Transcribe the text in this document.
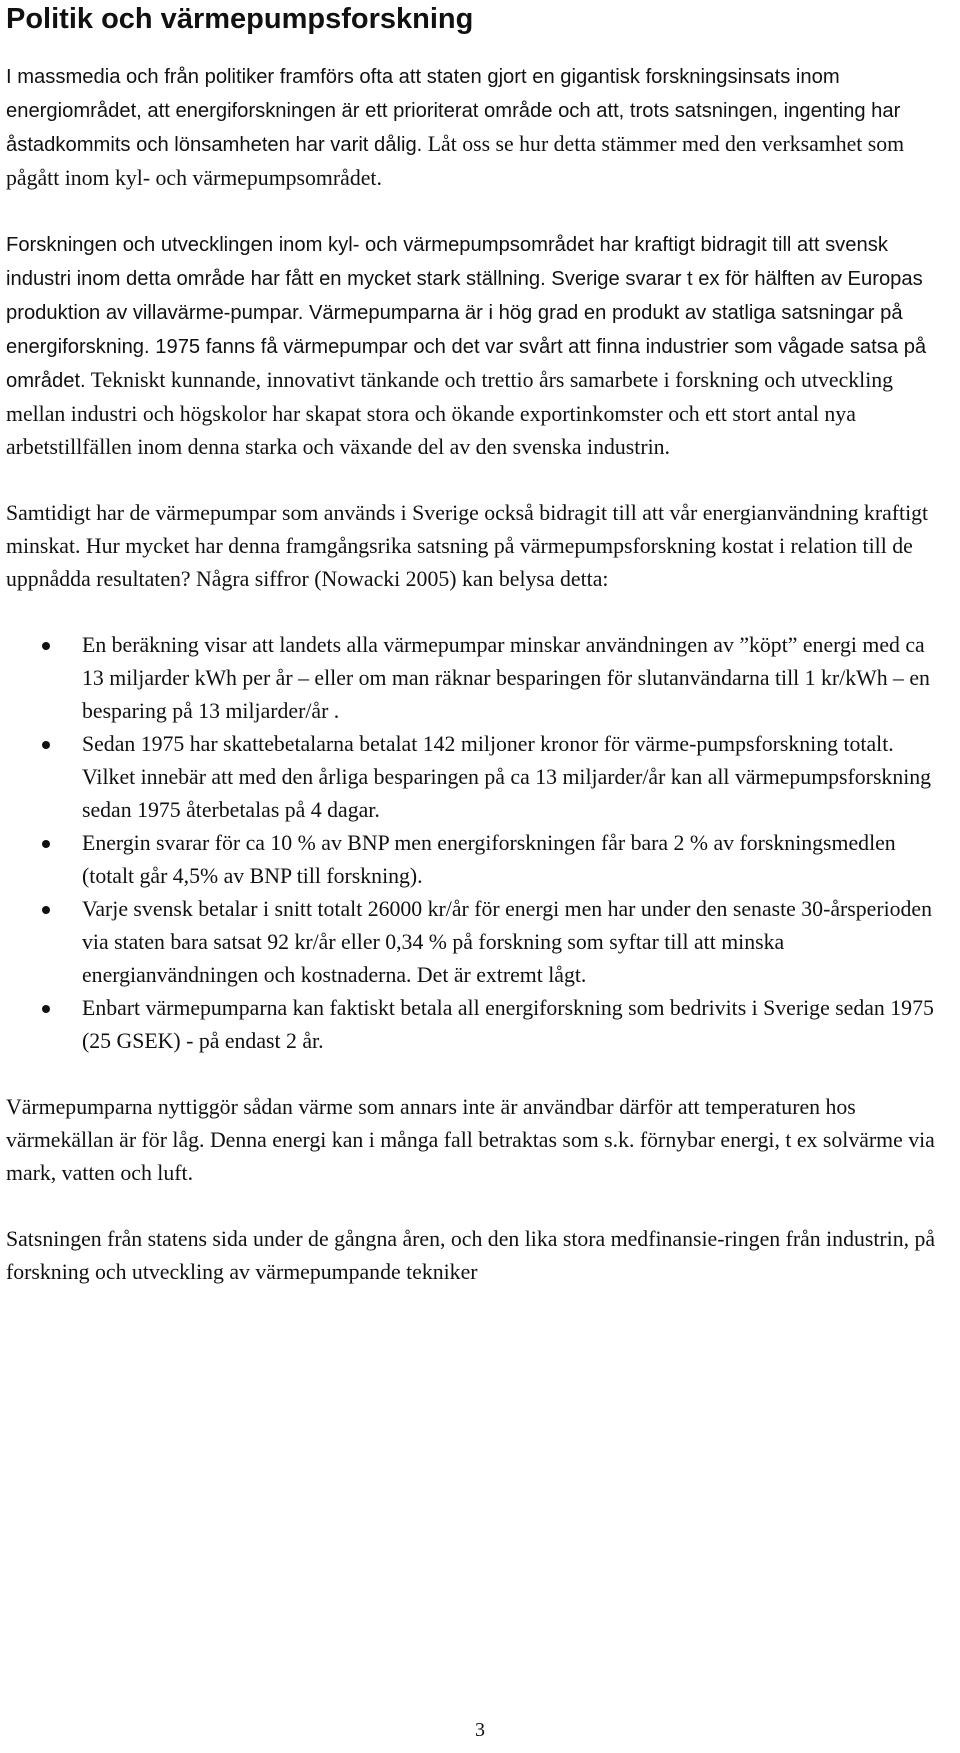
Politik och värmepumpsforskning

I massmedia och från politiker framförs ofta att staten gjort en gigantisk forskningsinsats inom energiområdet, att energiforskningen är ett prioriterat område och att, trots satsningen, ingenting har åstadkommits och lönsamheten har varit dålig. Låt oss se hur detta stämmer med den verksamhet som pågått inom kyl- och värmepumpsområdet.

Forskningen och utvecklingen inom kyl- och värmepumpsområdet har kraftigt bidragit till att svensk industri inom detta område har fått en mycket stark ställning. Sverige svarar t ex för hälften av Europas produktion av villavärme-pumpar. Värmepumparna är i hög grad en produkt av statliga satsningar på energiforskning. 1975 fanns få värmepumpar och det var svårt att finna industrier som vågade satsa på området. Tekniskt kunnande, innovativt tänkande och trettio års samarbete i forskning och utveckling mellan industri och högskolor har skapat stora och ökande exportinkomster och ett stort antal nya arbetstillfällen inom denna starka och växande del av den svenska industrin.

Samtidigt har de värmepumpar som används i Sverige också bidragit till att vår energianvändning kraftigt minskat. Hur mycket har denna framgångsrika satsning på värmepumpsforskning kostat i relation till de uppnådda resultaten? Några siffror (Nowacki 2005) kan belysa detta:

En beräkning visar att landets alla värmepumpar minskar användningen av ”köpt” energi med ca 13 miljarder kWh per år – eller om man räknar besparingen för slutanvändarna till 1 kr/kWh – en besparing på 13 miljarder/år .
Sedan 1975 har skattebetalarna betalat 142 miljoner kronor för värme-pumpsforskning totalt. Vilket innebär att med den årliga besparingen på ca 13 miljarder/år kan all värmepumpsforskning sedan 1975 återbetalas på 4 dagar.
Energin svarar för ca 10 % av BNP men energiforskningen får bara 2 % av forskningsmedlen (totalt går 4,5% av BNP till forskning).
Varje svensk betalar i snitt totalt 26000 kr/år för energi men har under den senaste 30-årsperioden via staten bara satsat 92 kr/år eller 0,34 % på forskning som syftar till att minska energianvändningen och kostnaderna. Det är extremt lågt.
Enbart värmepumparna kan faktiskt betala all energiforskning som bedrivits i Sverige sedan 1975 (25 GSEK) - på endast 2 år.

Värmepumparna nyttiggör sådan värme som annars inte är användbar därför att temperaturen hos värmekällan är för låg. Denna energi kan i många fall betraktas som s.k. förnybar energi, t ex solvärme via mark, vatten och luft.

Satsningen från statens sida under de gångna åren, och den lika stora medfinansie-ringen från industrin, på forskning och utveckling av värmepumpande tekniker

3
